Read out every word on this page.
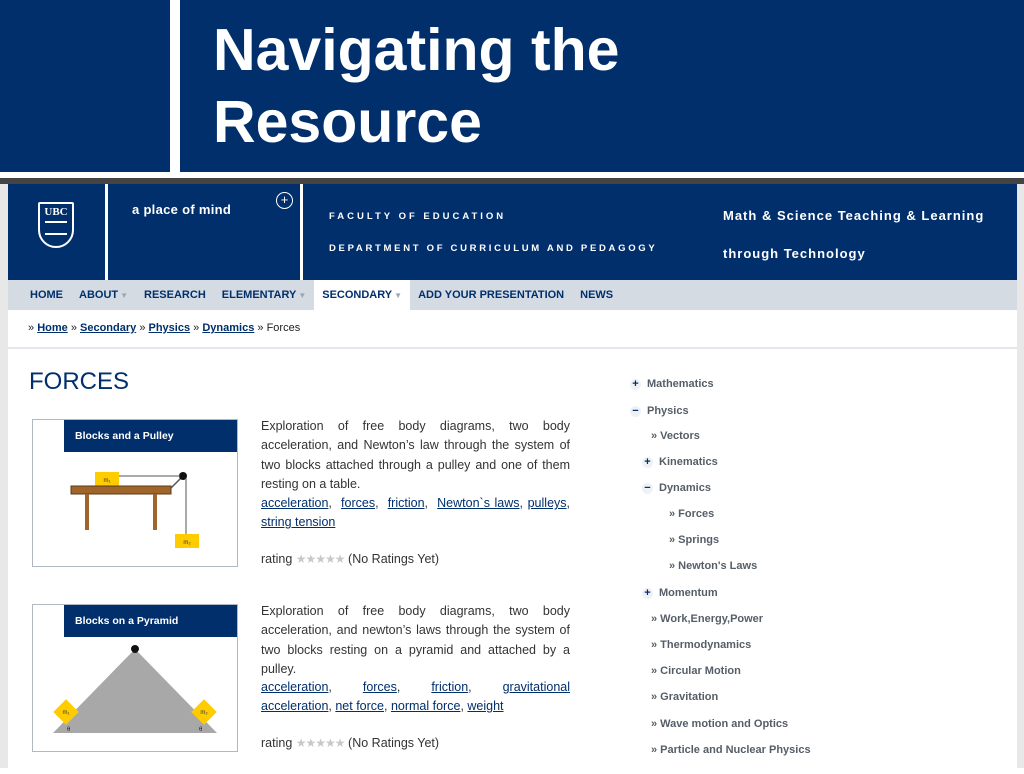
Navigating the
Resource
UBC	a place of mind
+
FACULTY OF EDUCATION
DEPARTMENT OF CURRICULUM AND PEDAGOGY
Math & Science Teaching & Learning
through Technology
HOME	ABOUT ▼	RESEARCH	ELEMENTARY ▼	SECONDARY ▼	ADD YOUR PRESENTATION	NEWS
» Home » Secondary » Physics » Dynamics » Forces
FORCES
Blocks and a Pulley
m₁
m₂
Exploration of free body diagrams, two body acceleration, and Newton’s law through the system of two blocks attached through a pulley and one of them resting on a table.
acceleration,  forces,  friction,  Newton`s laws, pulleys, string tension
rating ★★★★★ (No Ratings Yet)
Blocks on a Pyramid
m₁	m₂
θ	θ
Exploration of free body diagrams, two body acceleration, and newton’s laws through the system of two blocks resting on a pyramid and attached by a pulley.
acceleration,  forces,  friction,  gravitational acceleration, net force, normal force, weight
rating ★★★★★ (No Ratings Yet)
+ Mathematics
− Physics
» Vectors
+ Kinematics
− Dynamics
» Forces
» Springs
» Newton's Laws
+ Momentum
» Work,Energy,Power
» Thermodynamics
» Circular Motion
» Gravitation
» Wave motion and Optics
» Particle and Nuclear Physics
